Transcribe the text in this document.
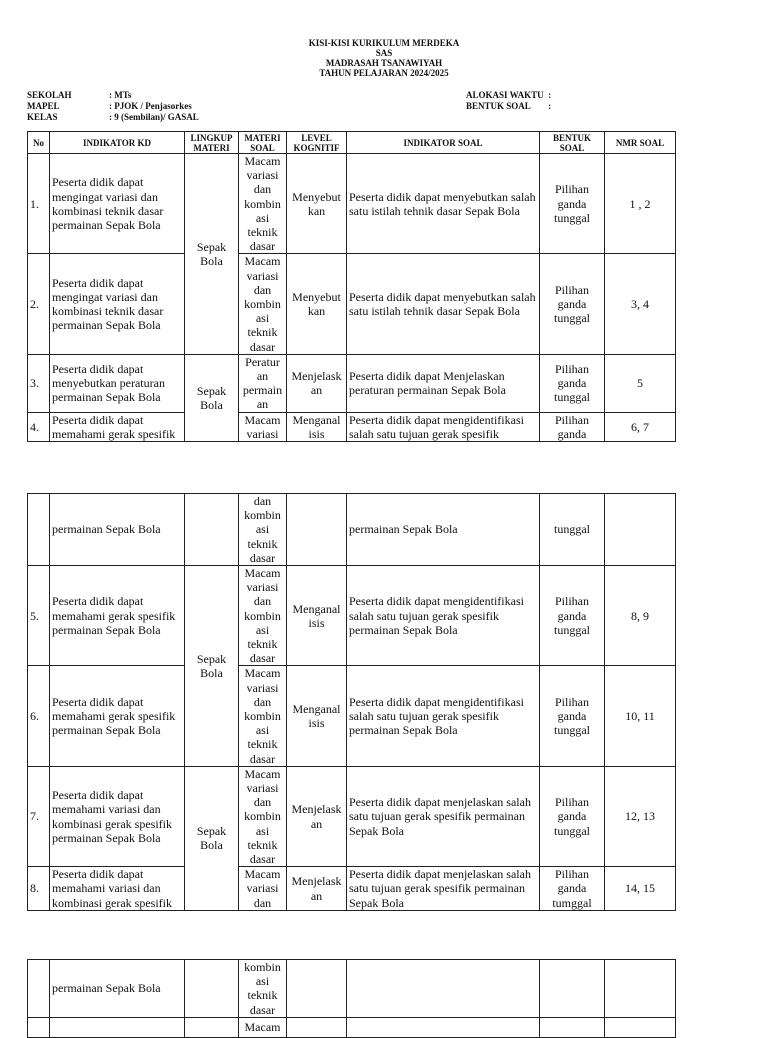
KISI-KISI KURIKULUM MERDEKA
SAS
MADRASAH TSANAWIYAH
TAHUN PELAJARAN 2024/2025
SEKOLAH	: MTs
MAPEL	: PJOK / Penjasorkes
KELAS	: 9 (Sembilan)/ GASAL
ALOKASI WAKTU :
BENTUK SOAL :
No	INDIKATOR KD	LINGKUP MATERI	MATERI SOAL	LEVEL KOGNITIF	INDIKATOR SOAL	BENTUK SOAL	NMR SOAL
1.	Peserta didik dapat mengingat variasi dan kombinasi teknik dasar permainan Sepak Bola	Sepak Bola	Macam variasi dan kombin asi teknik dasar	Menyebut kan	Peserta didik dapat menyebutkan salah satu istilah tehnik dasar Sepak Bola	Pilihan ganda tunggal	1 , 2
2.	Peserta didik dapat mengingat variasi dan kombinasi teknik dasar permainan Sepak Bola		Macam variasi dan kombin asi teknik dasar	Menyebut kan	Peserta didik dapat menyebutkan salah satu istilah tehnik dasar Sepak Bola	Pilihan ganda tunggal	3, 4
3.	Peserta didik dapat menyebutkan peraturan permainan Sepak Bola	Sepak Bola	Peratur an permain an	Menjelask an	Peserta didik dapat Menjelaskan peraturan permainan Sepak Bola	Pilihan ganda tunggal	5
4.	Peserta didik dapat memahami gerak spesifik		Macam variasi	Menganal isis	Peserta didik dapat mengidentifikasi salah satu tujuan gerak spesifik	Pilihan ganda	6, 7
	permainan Sepak Bola		dan kombin asi teknik dasar		permainan Sepak Bola	tunggal	
5.	Peserta didik dapat memahami gerak spesifik permainan Sepak Bola	Sepak Bola	Macam variasi dan kombin asi teknik dasar	Menganal isis	Peserta didik dapat mengidentifikasi salah satu tujuan gerak spesifik permainan Sepak Bola	Pilihan ganda tunggal	8, 9
6.	Peserta didik dapat memahami gerak spesifik permainan Sepak Bola		Macam variasi dan kombin asi teknik dasar	Menganal isis	Peserta didik dapat mengidentifikasi salah satu tujuan gerak spesifik permainan Sepak Bola	Pilihan ganda tunggal	10, 11
7.	Peserta didik dapat memahami variasi dan kombinasi gerak spesifik permainan Sepak Bola	Sepak Bola	Macam variasi dan kombin asi teknik dasar	Menjelask an	Peserta didik dapat menjelaskan salah satu tujuan gerak spesifik permainan Sepak Bola	Pilihan ganda tunggal	12, 13
8.	Peserta didik dapat memahami variasi dan kombinasi gerak spesifik		Macam variasi dan	Menjelask an	Peserta didik dapat menjelaskan salah satu tujuan gerak spesifik permainan Sepak Bola	Pilihan ganda tumggal	14, 15
	permainan Sepak Bola		kombin asi teknik dasar				
			Macam				
